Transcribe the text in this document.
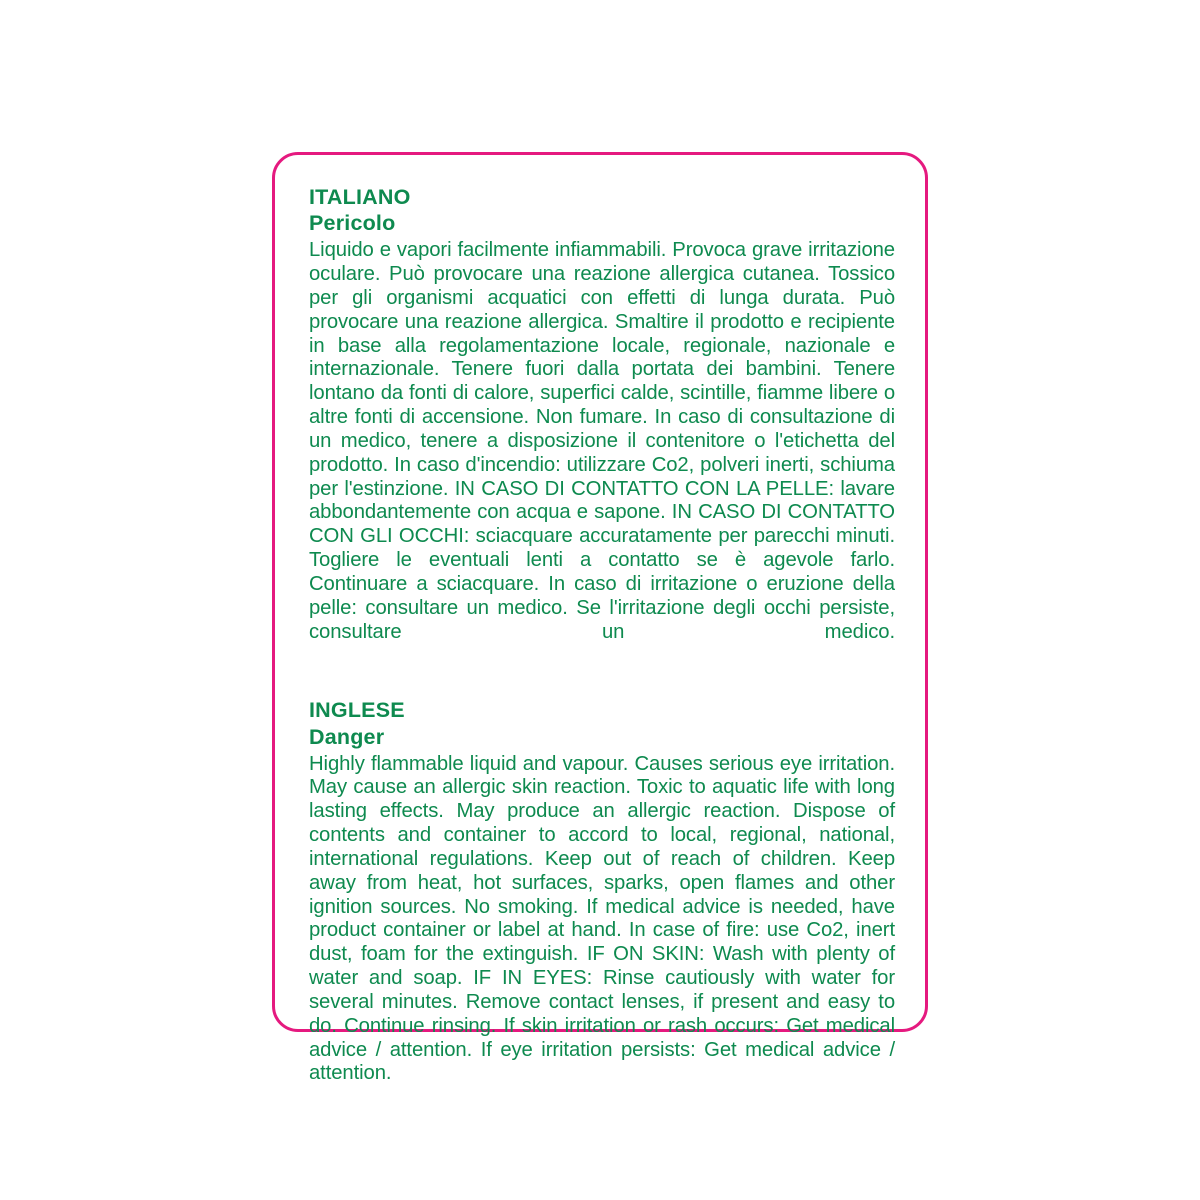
ITALIANO
Pericolo
Liquido e vapori facilmente infiammabili. Provoca grave irritazione oculare. Può provocare una reazione allergica cutanea. Tossico per gli organismi acquatici con effetti di lunga durata. Può provocare una reazione allergica. Smaltire il prodotto e recipiente in base alla regolamentazione locale, regionale, nazionale e internazionale. Tenere fuori dalla portata dei bambini. Tenere lontano da fonti di calore, superfici calde, scintille, fiamme libere o altre fonti di accensione. Non fumare. In caso di consultazione di un medico, tenere a disposizione il contenitore o l'etichetta del prodotto. In caso d'incendio: utilizzare Co2, polveri inerti, schiuma per l'estinzione. IN CASO DI CONTATTO CON LA PELLE: lavare abbondantemente con acqua e sapone. IN CASO DI CONTATTO CON GLI OCCHI: sciacquare accuratamente per parecchi minuti. Togliere le eventuali lenti a contatto se è agevole farlo. Continuare a sciacquare. In caso di irritazione o eruzione della pelle: consultare un medico. Se l'irritazione degli occhi persiste, consultare un medico.
INGLESE
Danger
Highly flammable liquid and vapour. Causes serious eye irritation. May cause an allergic skin reaction. Toxic to aquatic life with long lasting effects. May produce an allergic reaction. Dispose of contents and container to accord to local, regional, national, international regulations. Keep out of reach of children. Keep away from heat, hot surfaces, sparks, open flames and other ignition sources. No smoking. If medical advice is needed, have product container or label at hand. In case of fire: use Co2, inert dust, foam for the extinguish. IF ON SKIN: Wash with plenty of water and soap. IF IN EYES: Rinse cautiously with water for several minutes. Remove contact lenses, if present and easy to do. Continue rinsing. If skin irritation or rash occurs: Get medical advice / attention. If eye irritation persists: Get medical advice / attention.
